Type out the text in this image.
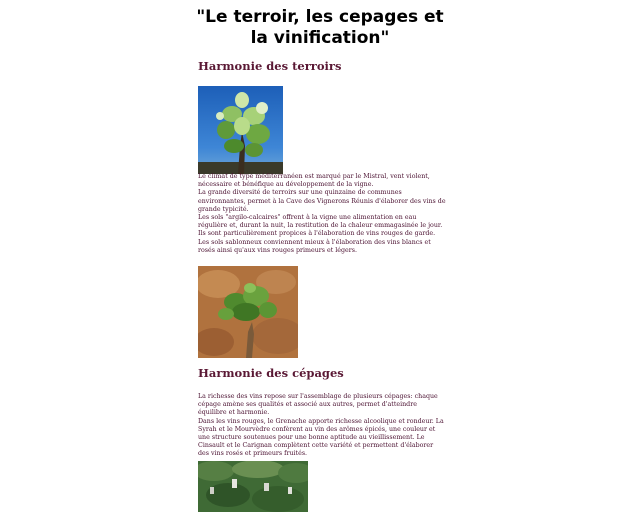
"Le terroir, les cepages et
la vinification"
Harmonie des terroirs
Le climat de type méditerranéen est marqué par le Mistral, vent violent,
nécessaire et bénéfique au développement de la vigne.
La grande diversité de terroirs sur une quinzaine de communes
environnantes, permet à la Cave des Vignerons Réunis d'élaborer des vins de
grande typicité.
Les sols "argilo-calcaires" offrent à la vigne une alimentation en eau
régulière et, durant la nuit, la restitution de la chaleur emmagasinée le jour.
Ils sont particulièrement propices à l'élaboration de vins rouges de garde.
Les sols sablonneux conviennent mieux à l'élaboration des vins blancs et
rosés ainsi qu'aux vins rouges primeurs et légers.
Harmonie des cépages
La richesse des vins repose sur l'assemblage de plusieurs cépages: chaque
cépage amène ses qualités et associé aux autres, permet d'atteindre
équilibre et harmonie.
Dans les vins rouges, le Grenache apporte richesse alcoolique et rondeur. La
Syrah et le Mourvèdre confèrent au vin des arômes épicés, une couleur et
une structure soutenues pour une bonne aptitude au vieillissement. Le
Cinsault et le Carignan complètent cette variété et permettent d'élaborer
des vins rosés et primeurs fruités.
